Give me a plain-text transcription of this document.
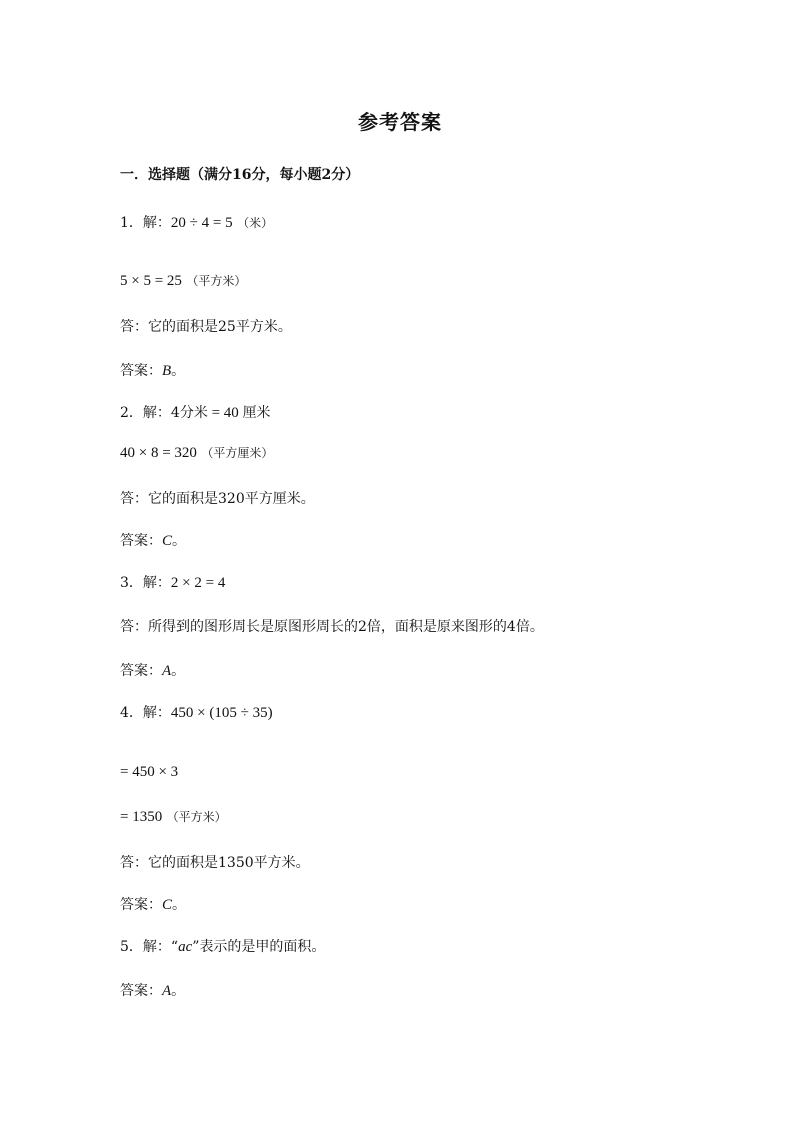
参考答案
一．选择题（满分16分，每小题2分）
1．解：20 ÷ 4 = 5 （米）
5 × 5 = 25 （平方米）
答：它的面积是25平方米。
答案：B。
2．解：4分米 = 40 厘米
40 × 8 = 320 （平方厘米）
答：它的面积是320平方厘米。
答案：C。
3．解：2 × 2 = 4
答：所得到的图形周长是原图形周长的2倍，面积是原来图形的4倍。
答案：A。
4．解：450 × (105 ÷ 35)
= 450 × 3
= 1350 （平方米）
答：它的面积是1350平方米。
答案：C。
5．解：“ac”表示的是甲的面积。
答案：A。
